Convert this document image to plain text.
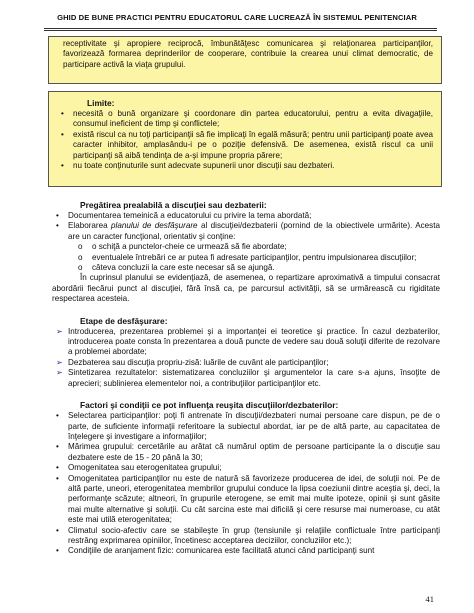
GHID DE BUNE PRACTICI PENTRU EDUCATORUL CARE LUCREAZĂ ÎN SISTEMUL PENITENCIAR
receptivitate şi apropiere reciprocă, îmbunătăţesc comunicarea şi relaţionarea participanţilor, favorizează formarea deprinderilor de cooperare, contribuie la crearea unui climat democratic, de participare activă la viaţa grupului.
Limite:
• necesită o bună organizare şi coordonare din partea educatorului, pentru a evita divagaţiile, consumul ineficient de timp şi conflictele;
• există riscul ca nu toţi participanţii să fie implicaţi în egală măsură; pentru unii participanţi poate avea caracter inhibitor, amplasându-i pe o poziţie defensivă. De asemenea, există riscul ca unii participanţi să aibă tendinţa de a-şi impune propria părere;
• nu toate conţinuturile sunt adecvate supunerii unor discuţii sau dezbateri.
Pregătirea prealabilă a discuţiei sau dezbaterii:
• Documentarea temeinică a educatorului cu privire la tema abordată;
• Elaborarea planului de desfăşurare al discuţiei/dezbaterii (pornind de la obiectivele urmărite). Acesta are un caracter funcţional, orientativ şi conţine:
o o schiţă a punctelor-cheie ce urmează să fie abordate;
o eventualele întrebări ce ar putea fi adresate participanţilor, pentru impulsionarea discuţiilor;
o câteva concluzii la care este necesar să se ajungă.
În cuprinsul planului se evidenţiază, de asemenea, o repartizare aproximativă a timpului consacrat abordării fiecărui punct al discuţiei, fără însă ca, pe parcursul activităţii, să se urmărească cu rigiditate respectarea acesteia.
Etape de desfăşurare:
➢ Introducerea, prezentarea problemei şi a importanţei ei teoretice şi practice. În cazul dezbaterilor, introducerea poate consta în prezentarea a două puncte de vedere sau două soluţii diferite de rezolvare a problemei abordate;
➢ Dezbaterea sau discuţia propriu-zisă: luările de cuvânt ale participanţilor;
➢ Sintetizarea rezultatelor: sistematizarea concluziilor şi argumentelor la care s-a ajuns, însoţite de aprecieri; sublinierea elementelor noi, a contribuţiilor participanţilor etc.
Factori şi condiţii ce pot influenţa reuşita discuţiilor/dezbaterilor:
• Selectarea participanţilor: poţi fi antrenate în discuţii/dezbateri numai persoane care dispun, pe de o parte, de suficiente informaţii referitoare la subiectul abordat, iar pe de altă parte, au capacitatea de înţelegere şi investigare a informaţiilor;
• Mărimea grupului: cercetările au arătat că numărul optim de persoane participante la o discuţie sau dezbatere este de 15 - 20 până la 30;
• Omogenitatea sau eterogenitatea grupului;
• Omogenitatea participanţilor nu este de natură să favorizeze producerea de idei, de soluţii noi. Pe de altă parte, uneori, eterogenitatea membrilor grupului conduce la lipsa coeziunii dintre aceştia şi, deci, la performanţe scăzute; altneori, în grupurile eterogene, se emit mai multe ipoteze, opinii şi sunt găsite mai multe alternative şi soluţii. Cu cât sarcina este mai dificilă şi cere resurse mai numeroase, cu atât este mai utilă eterogenitatea;
• Climatul socio-afectiv care se stabileşte în grup (tensiunile şi relaţiile conflictuale între participanţi restrâng exprimarea opiniilor, încetinesc acceptarea deciziilor, concluziilor etc.);
• Condiţiile de aranjament fizic: comunicarea este facilitată atunci când participanţi sunt
41
